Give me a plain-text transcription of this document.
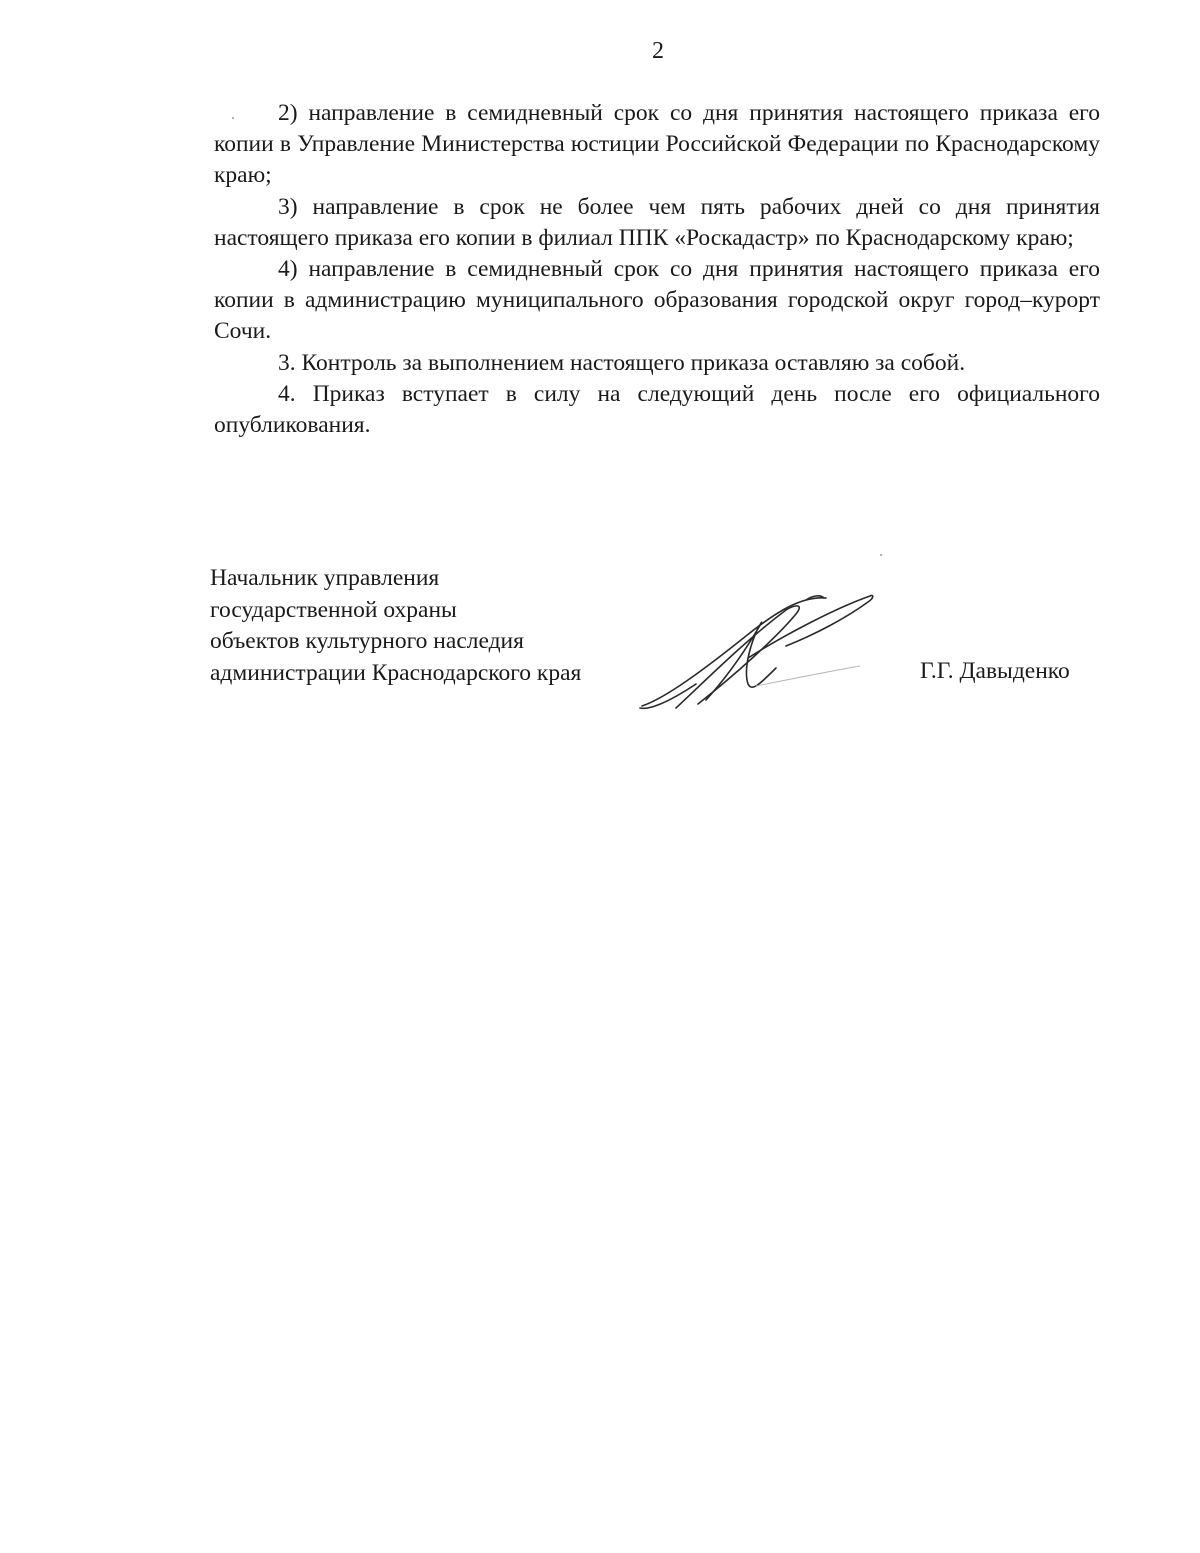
2

2) направление в семидневный срок со дня принятия настоящего приказа его копии в Управление Министерства юстиции Российской Федерации по Краснодарскому краю;

3) направление в срок не более чем пять рабочих дней со дня принятия настоящего приказа его копии в филиал ППК «Роскадастр» по Краснодарскому краю;

4) направление в семидневный срок со дня принятия настоящего приказа его копии в администрацию муниципального образования городской округ город–курорт Сочи.

3. Контроль за выполнением настоящего приказа оставляю за собой.

4. Приказ вступает в силу на следующий день после его официального опубликования.

Начальник управления
государственной охраны
объектов культурного наследия
администрации Краснодарского края	Г.Г. Давыденко
